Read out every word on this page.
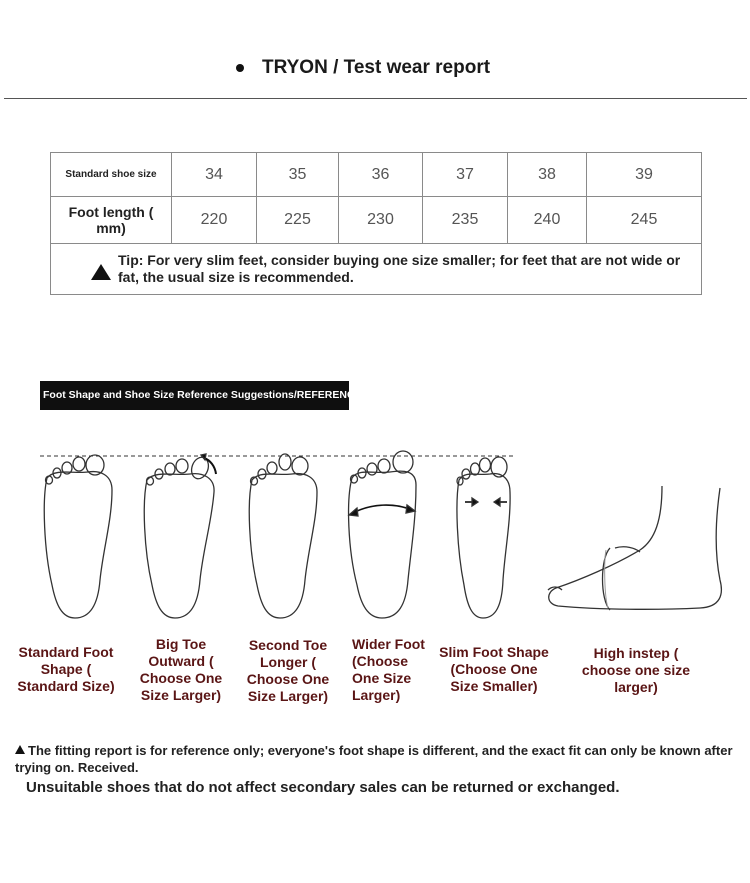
TRYON / Test wear report
Standard shoe size	34	35	36	37	38	39
Foot length ( mm)	220	225	230	235	240	245

Tip: For very slim feet, consider buying one size smaller; for feet that are not wide or fat, the usual size is recommended.						
Foot Shape and Shoe Size Reference Suggestions/REFERENCE
Standard Foot Shape ( Standard Size)
Big Toe Outward ( Choose One Size Larger)
Second Toe Longer ( Choose One Size Larger)
Wider Foot (Choose One Size Larger)
Slim Foot Shape (Choose One Size Smaller)
High instep ( choose one size larger)
The fitting report is for reference only; everyone's foot shape is different, and the exact fit can only be known after trying on. Received.
Unsuitable shoes that do not affect secondary sales can be returned or exchanged.
